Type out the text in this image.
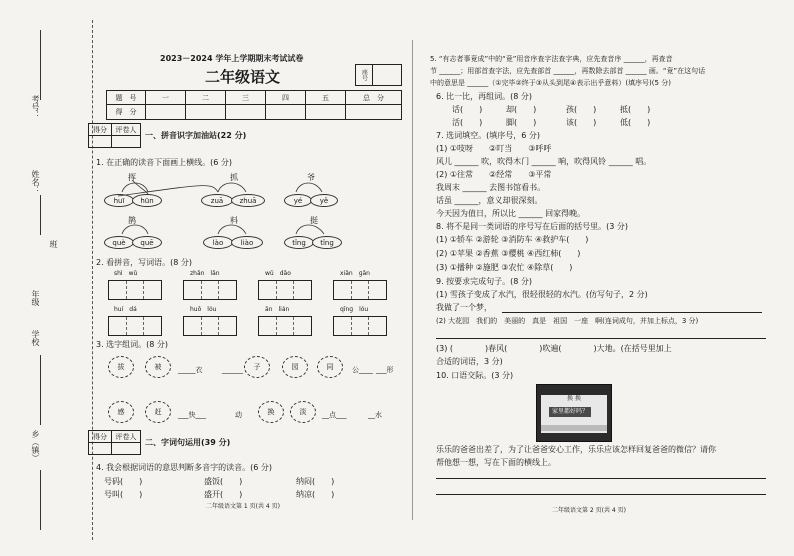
考号：
姓名：
班
年级
学校
乡（镇）
2023－2024 学年上学期期末考试试卷
二年级语文	座号
题　号	一	二	三	四	五	总　分
得　分
得分	评卷人
一、拼音识字加油站(22 分)
1. 在正确的读音下面画上横线。(6 分)
挥
huī	hūn
抓
zuā	zhuā
爷
yé	yě
鹊
què	quē
料
lào	liào
挺
tǐng	tǐnɡ
2. 看拼音，写词语。(8 分)
shì　wǔ	zhǎn　lǎn	wǔ　dǎo	xiǎn　ɡǎn
huí　dá	huǒ　lóu	ān　lián	qīnɡ　lóu
3. 选字组词。(8 分)
拔	被	_____衣	______	子	园	同	公____ ___形
感	赶	___快___	动	换	淡	__点___	__水
得分	评卷人
二、字词句运用(39 分)
4. 我会根据词语的意思判断多音字的读音。(6 分)
号码(　　)	盛饭(　　)	纳闷(　　)
号叫(　　)	盛开(　　)	纳凉(　　)
二年级语文第 1 页(共 4 页)
5. “有志者事竟成”中的“竟”用音序查字法查字典，应先查音序 ______，再查音
节 ______；用部首查字法，应先查部首 ______，再数除去部首 ______ 画。“竟”在这句话
中的意思是 ______（①完毕②终于③从头到尾④表示出乎意料）(填序号)(5 分)
6. 比一比，再组词。(8 分)
话(　　)	却(　　)	孩(　　)	抵(　　)
活(　　)	脚(　　)	该(　　)	低(　　)
7. 选词填空。(填序号，6 分)
(1) ①吱呀　　②叮当　　③呼呼
风儿 ______ 吹，吹得木门 ______ 响，吹得风铃 ______ 唱。
(2) ①往常　　②经常　　③平常
我周末 ______ 去图书馆看书。
话虽 ______，意义却很深刻。
今天因为值日，所以比 ______ 回家得晚。
8. 将不是同一类词语的序号写在后面的括号里。(3 分)
(1) ①轿车 ②游轮 ③消防车 ④救护车(　　)
(2) ①苹果 ②香蕉 ③樱桃 ④西红柿(　　)
(3) ①播种 ②施肥 ③农忙 ④除草(　　)
9. 按要求完成句子。(8 分)
(1) 雪孩子变成了水汽，很轻很轻的水汽。(仿写句子，2 分)
我做了一个梦，
(2) 大花园　我们的　美丽的　真是　祖国　一座　啊(连词成句，并加上标点，3 分)
(3) (　　　　)春风(　　　　)吹遍(　　　　)大地。(在括号里加上
合适的词语，3 分)
10. 口语交际。(3 分)
换 换
家里都好吗？
乐乐的爸爸出差了，为了让爸爸安心工作，乐乐应该怎样回复爸爸的微信？请你
帮他想一想，写在下面的横线上。
二年级语文第 2 页(共 4 页)
